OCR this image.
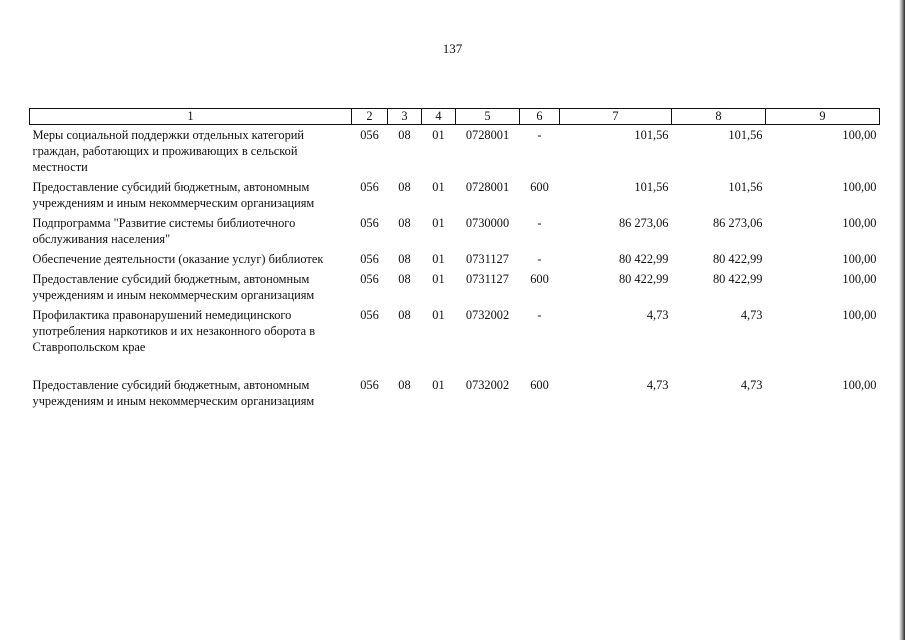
137
1	2	3	4	5	6	7	8	9
Меры социальной поддержки отдельных категорий граждан, работающих и проживающих в сельской местности	056	08	01	0728001	-	101,56	101,56	100,00
Предоставление субсидий бюджетным, автономным учреждениям и иным некоммерческим организациям	056	08	01	0728001	600	101,56	101,56	100,00
Подпрограмма "Развитие системы библиотечного обслуживания населения"	056	08	01	0730000	-	86 273,06	86 273,06	100,00
Обеспечение деятельности (оказание услуг) библиотек	056	08	01	0731127	-	80 422,99	80 422,99	100,00
Предоставление субсидий бюджетным, автономным учреждениям и иным некоммерческим организациям	056	08	01	0731127	600	80 422,99	80 422,99	100,00
Профилактика правонарушений немедицинского употребления наркотиков и их незаконного оборота в Ставропольском крае	056	08	01	0732002	-	4,73	4,73	100,00
Предоставление субсидий бюджетным, автономным учреждениям и иным некоммерческим организациям	056	08	01	0732002	600	4,73	4,73	100,00
